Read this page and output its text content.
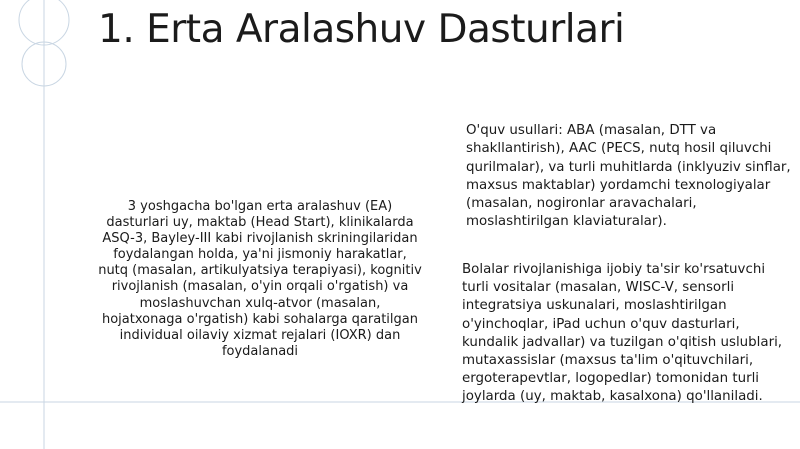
1. Erta Aralashuv Dasturlari

3 yoshgacha bo'lgan erta aralashuv (EA) dasturlari uy, maktab (Head Start), klinikalarda ASQ-3, Bayley-III kabi rivojlanish skriningilaridan foydalangan holda, ya'ni jismoniy harakatlar, nutq (masalan, artikulyatsiya terapiyasi), kognitiv rivojlanish (masalan, o'yin orqali o'rgatish) va moslashuvchan xulq-atvor (masalan, hojatxonaga o'rgatish) kabi sohalarga qaratilgan individual oilaviy xizmat rejalari (IOXR) dan foydalanadi

O'quv usullari: ABA (masalan, DTT va shakllantirish), AAC (PECS, nutq hosil qiluvchi qurilmalar), va turli muhitlarda (inklyuziv sinflar, maxsus maktablar) yordamchi texnologiyalar (masalan, nogironlar aravachalari, moslashtirilgan klaviaturalar).

Bolalar rivojlanishiga ijobiy ta'sir ko'rsatuvchi turli vositalar (masalan, WISC-V, sensorli integratsiya uskunalari, moslashtirilgan o'yinchoqlar, iPad uchun o'quv dasturlari, kundalik jadvallar) va tuzilgan o'qitish uslublari, mutaxassislar (maxsus ta'lim o'qituvchilari, ergoterapevtlar, logopedlar) tomonidan turli joylarda (uy, maktab, kasalxona) qo'llaniladi.
